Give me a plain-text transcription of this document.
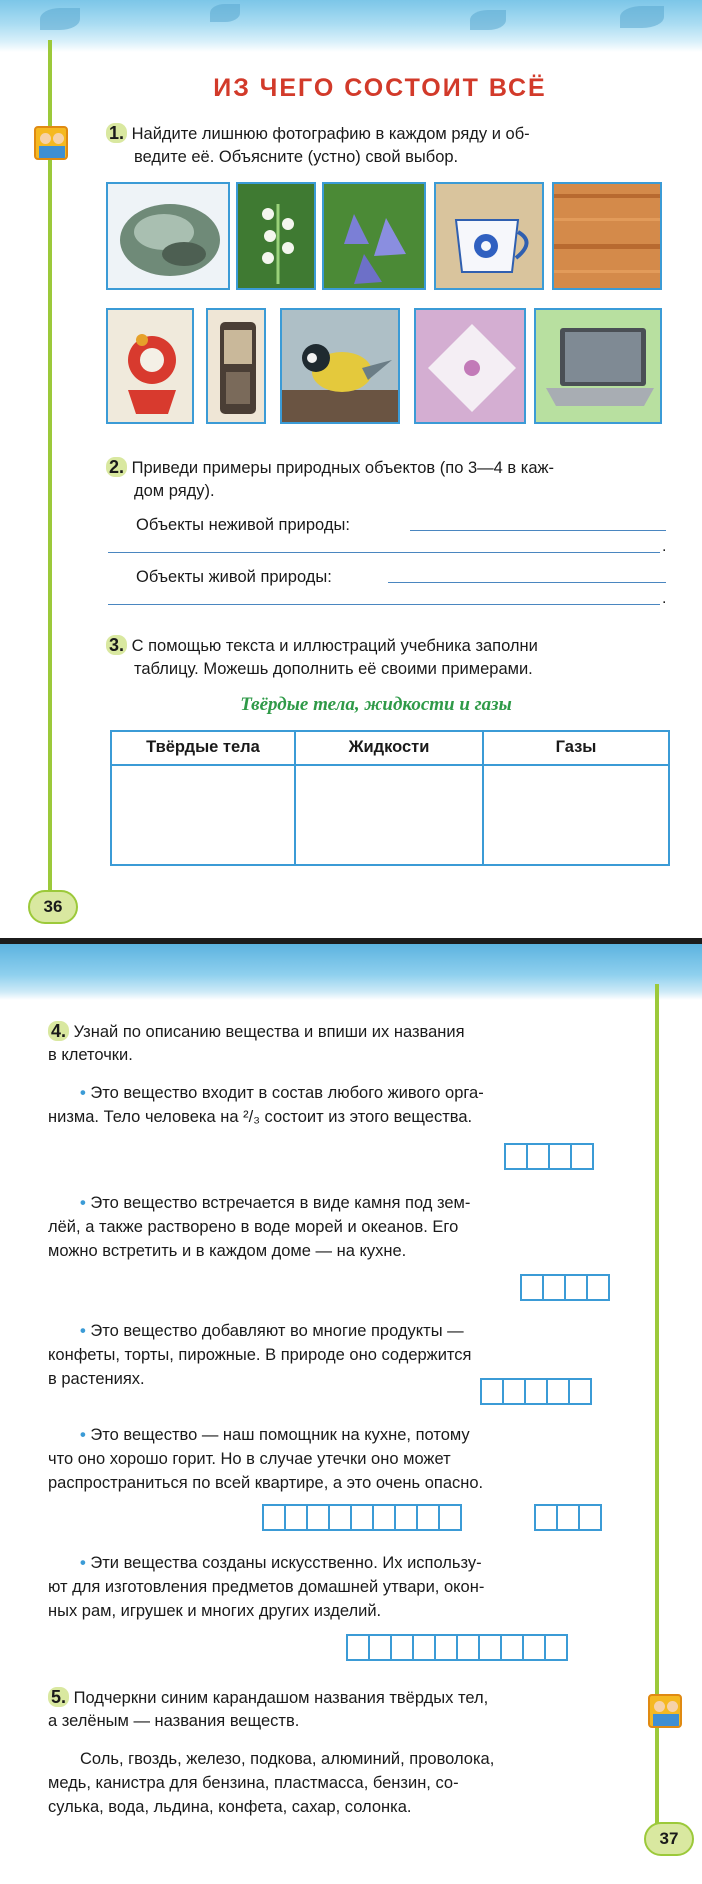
ИЗ ЧЕГО СОСТОИТ ВСЁ
1. Найдите лишнюю фотографию в каждом ряду и об-
ведите её. Объясните (устно) свой выбор.
2. Приведи примеры природных объектов (по 3—4 в каж-
дом ряду).
Объекты неживой природы:
.
Объекты живой природы:
.
3. С помощью текста и иллюстраций учебника заполни
таблицу. Можешь дополнить её своими примерами.
Твёрдые тела, жидкости и газы
Твёрдые тела	Жидкости	Газы
36
4. Узнай по описанию вещества и впиши их названия
в клеточки.
• Это вещество входит в состав любого живого орга-
низма. Тело человека на ²/₃ состоит из этого вещества.
• Это вещество встречается в виде камня под зем-
лёй, а также растворено в воде морей и океанов. Его
можно встретить и в каждом доме — на кухне.
• Это вещество добавляют во многие продукты —
конфеты, торты, пирожные. В природе оно содержится
в растениях.
• Это вещество — наш помощник на кухне, потому
что оно хорошо горит. Но в случае утечки оно может
распространиться по всей квартире, а это очень опасно.
• Эти вещества созданы искусственно. Их использу-
ют для изготовления предметов домашней утвари, окон-
ных рам, игрушек и многих других изделий.
5. Подчеркни синим карандашом названия твёрдых тел,
а зелёным — названия веществ.
Соль, гвоздь, железо, подкова, алюминий, проволока,
медь, канистра для бензина, пластмасса, бензин, со-
сулька, вода, льдина, конфета, сахар, солонка.
37
